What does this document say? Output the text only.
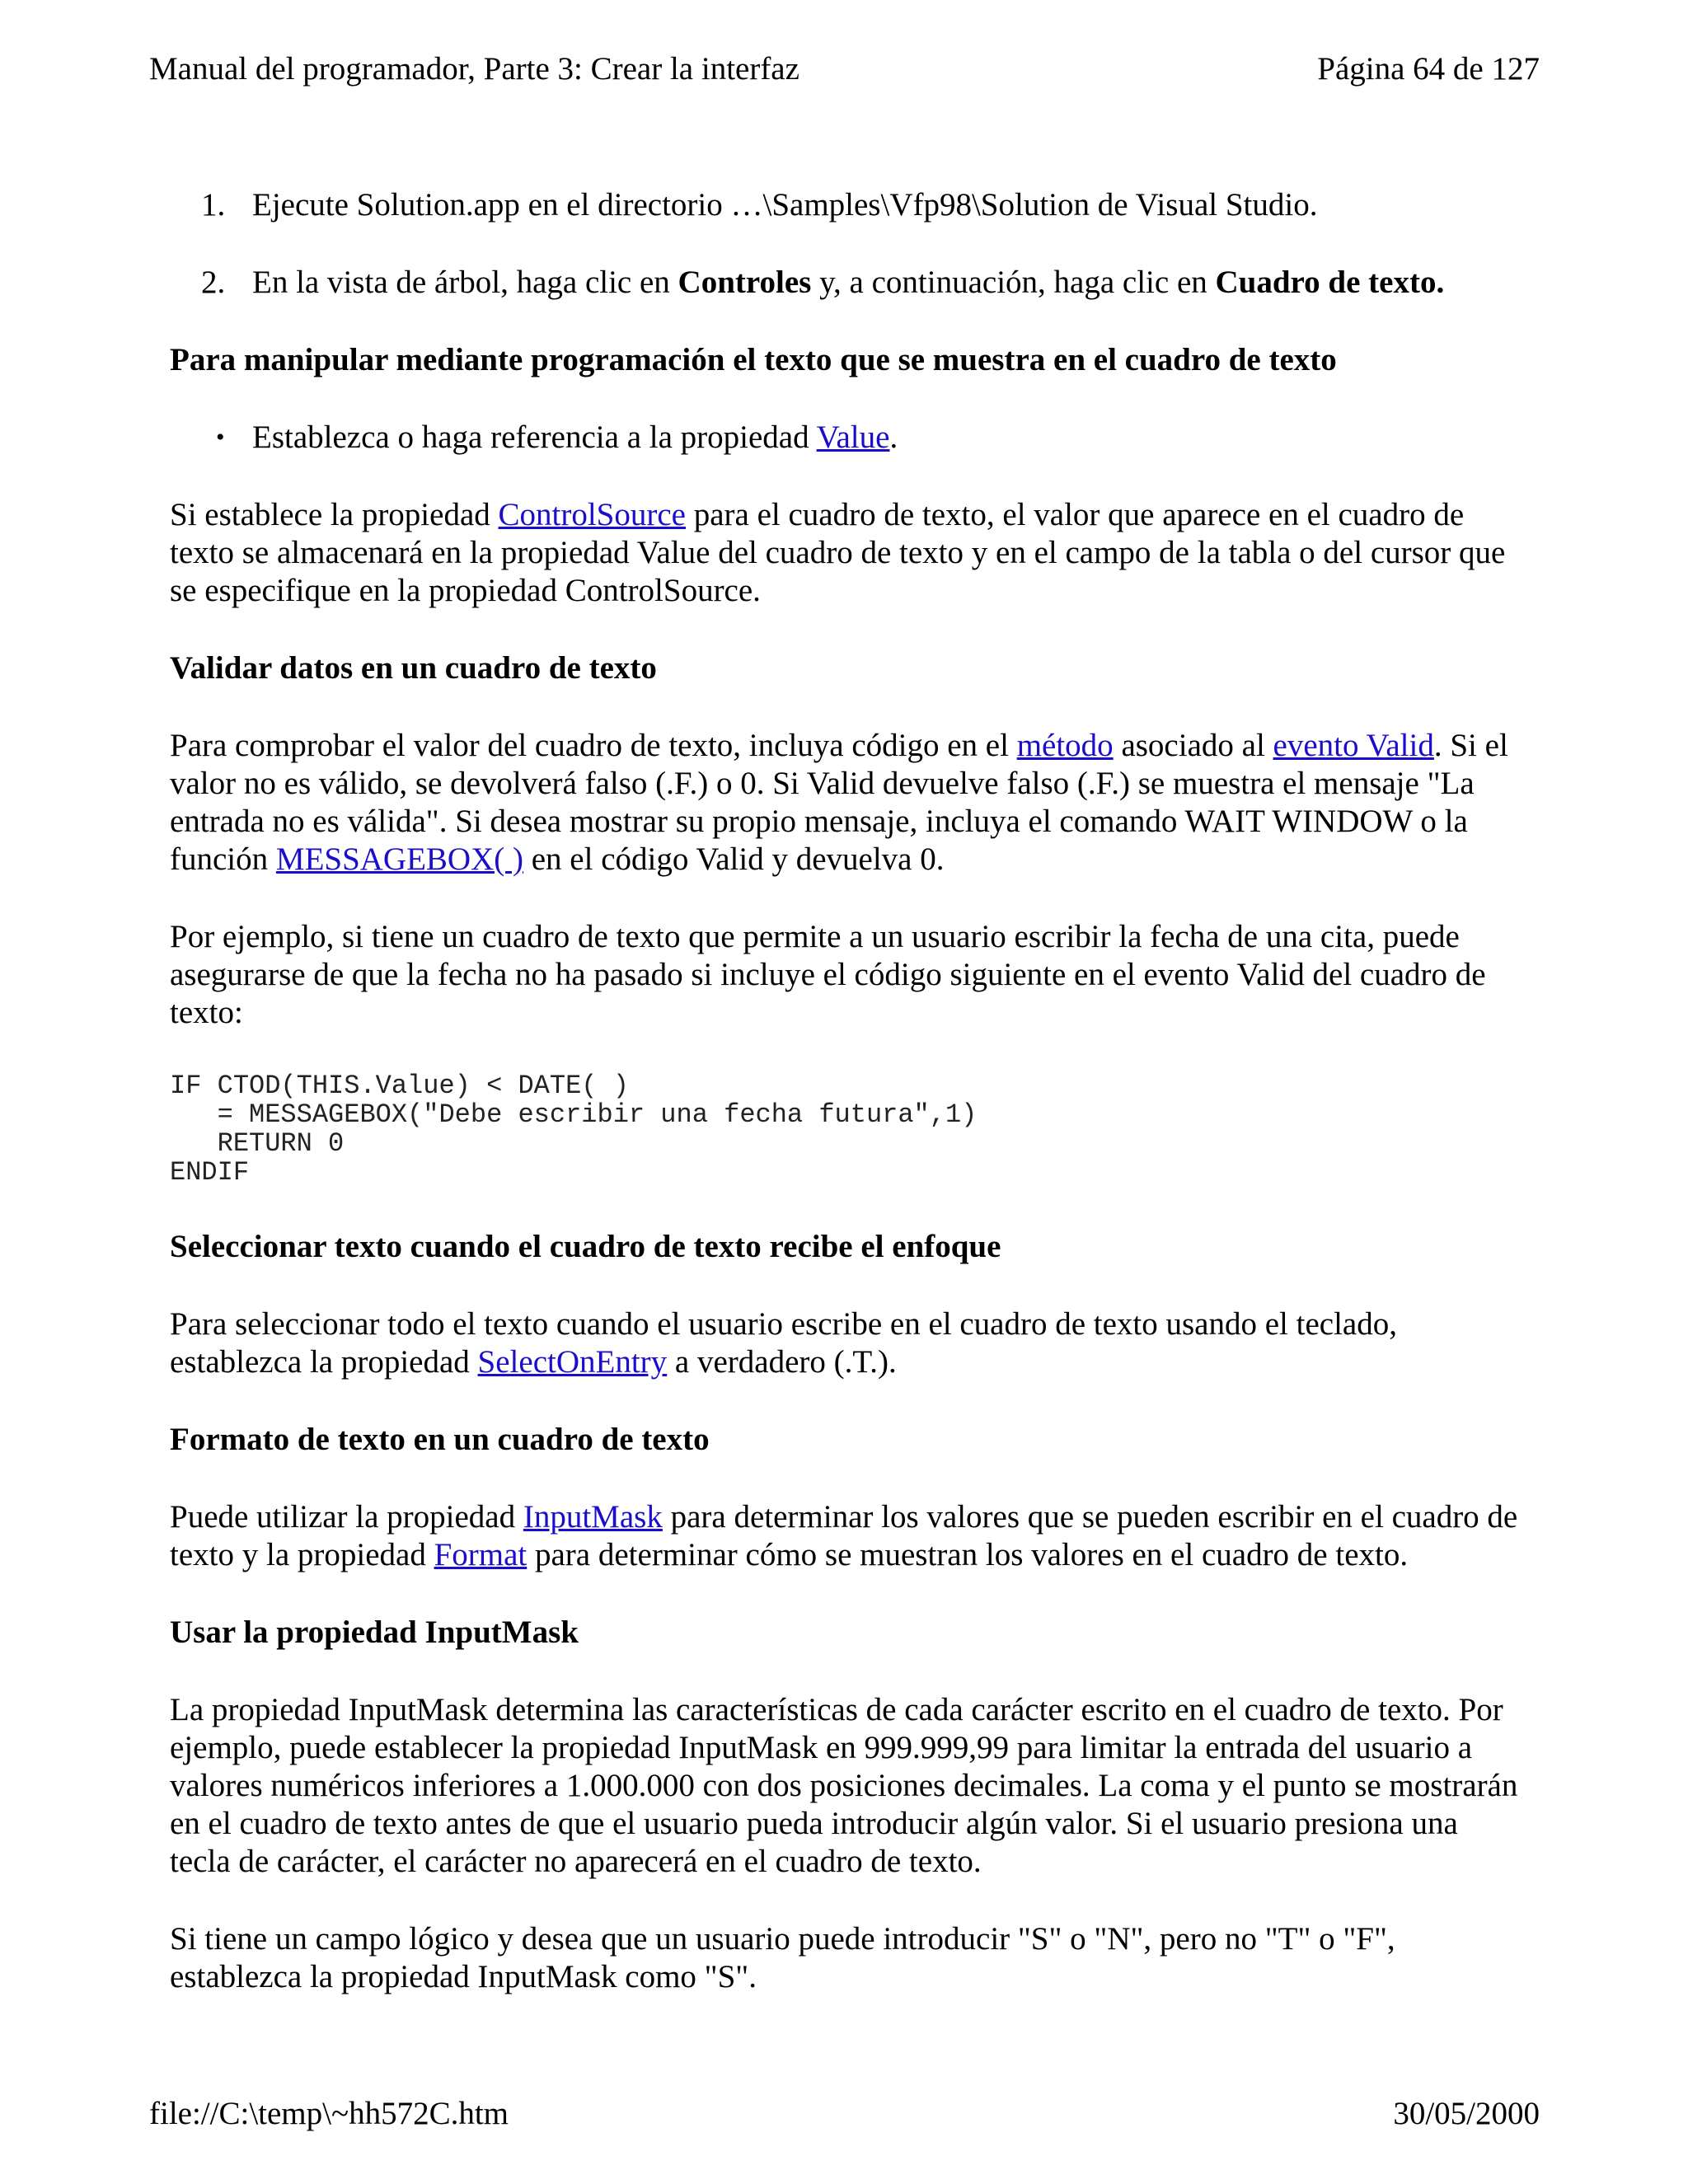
Manual del programador, Parte 3: Crear la interfaz	Página 64 de 127
1. Ejecute Solution.app en el directorio …\Samples\Vfp98\Solution de Visual Studio.
2. En la vista de árbol, haga clic en Controles y, a continuación, haga clic en Cuadro de texto.

Para manipular mediante programación el texto que se muestra en el cuadro de texto

• Establezca o haga referencia a la propiedad Value.

Si establece la propiedad ControlSource para el cuadro de texto, el valor que aparece en el cuadro de texto se almacenará en la propiedad Value del cuadro de texto y en el campo de la tabla o del cursor que se especifique en la propiedad ControlSource.

Validar datos en un cuadro de texto

Para comprobar el valor del cuadro de texto, incluya código en el método asociado al evento Valid. Si el valor no es válido, se devolverá falso (.F.) o 0. Si Valid devuelve falso (.F.) se muestra el mensaje "La entrada no es válida". Si desea mostrar su propio mensaje, incluya el comando WAIT WINDOW o la función MESSAGEBOX( ) en el código Valid y devuelva 0.

Por ejemplo, si tiene un cuadro de texto que permite a un usuario escribir la fecha de una cita, puede asegurarse de que la fecha no ha pasado si incluye el código siguiente en el evento Valid del cuadro de texto:

IF CTOD(THIS.Value) < DATE( )
= MESSAGEBOX("Debe escribir una fecha futura",1)
RETURN 0
ENDIF

Seleccionar texto cuando el cuadro de texto recibe el enfoque

Para seleccionar todo el texto cuando el usuario escribe en el cuadro de texto usando el teclado, establezca la propiedad SelectOnEntry a verdadero (.T.).

Formato de texto en un cuadro de texto

Puede utilizar la propiedad InputMask para determinar los valores que se pueden escribir en el cuadro de texto y la propiedad Format para determinar cómo se muestran los valores en el cuadro de texto.

Usar la propiedad InputMask

La propiedad InputMask determina las características de cada carácter escrito en el cuadro de texto. Por ejemplo, puede establecer la propiedad InputMask en 999.999,99 para limitar la entrada del usuario a valores numéricos inferiores a 1.000.000 con dos posiciones decimales. La coma y el punto se mostrarán en el cuadro de texto antes de que el usuario pueda introducir algún valor. Si el usuario presiona una tecla de carácter, el carácter no aparecerá en el cuadro de texto.

Si tiene un campo lógico y desea que un usuario puede introducir "S" o "N", pero no "T" o "F", establezca la propiedad InputMask como "S".

file://C:\temp\~hh572C.htm	30/05/2000
